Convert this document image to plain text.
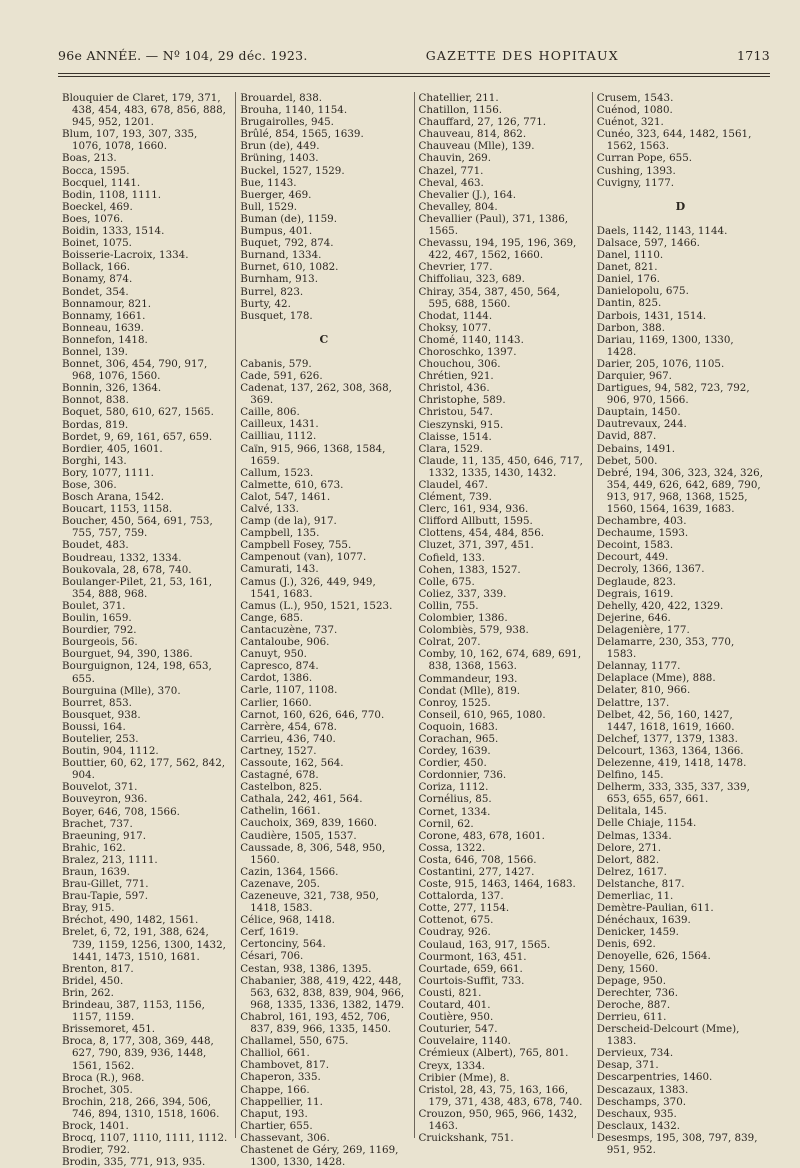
96e ANNÉE. — Nº 104, 29 déc. 1923.	GAZETTE DES HOPITAUX	1713
Blouquier de Claret, 179, 371, 438, 454, 483, 678, 856, 888, 945, 952, 1201.
Blum, 107, 193, 307, 335, 1076, 1078, 1660.
Boas, 213.
Bocca, 1595.
Bocquel, 1141.
Bodin, 1108, 1111.
Boeckel, 469.
Boes, 1076.
Boidin, 1333, 1514.
Boinet, 1075.
Boisserie-Lacroix, 1334.
Bollack, 166.
Bonamy, 874.
Bondet, 354.
Bonnamour, 821.
Bonnamy, 1661.
Bonneau, 1639.
Bonnefon, 1418.
Bonnel, 139.
Bonnet, 306, 454, 790, 917, 968, 1076, 1560.
Bonnin, 326, 1364.
Bonnot, 838.
Boquet, 580, 610, 627, 1565.
Bordas, 819.
Bordet, 9, 69, 161, 657, 659.
Bordier, 405, 1601.
Borghi, 143.
Bory, 1077, 1111.
Bose, 306.
Bosch Arana, 1542.
Boucart, 1153, 1158.
Boucher, 450, 564, 691, 753, 755, 757, 759.
Boudet, 483.
Boudreau, 1332, 1334.
Boukovala, 28, 678, 740.
Boulanger-Pilet, 21, 53, 161, 354, 888, 968.
Boulet, 371.
Boulin, 1659.
Bourdier, 792.
Bourgeois, 56.
Bourguet, 94, 390, 1386.
Bourguignon, 124, 198, 653, 655.
Bourguina (Mlle), 370.
Bourret, 853.
Bousquet, 938.
Boussi, 164.
Boutelier, 253.
Boutin, 904, 1112.
Bouttier, 60, 62, 177, 562, 842, 904.
Bouvelot, 371.
Bouveyron, 936.
Boyer, 646, 708, 1566.
Brachet, 737.
Braeuning, 917.
Brahic, 162.
Bralez, 213, 1111.
Braun, 1639.
Brau-Gillet, 771.
Brau-Tapie, 597.
Bray, 915.
Bréchot, 490, 1482, 1561.
Brelet, 6, 72, 191, 388, 624, 739, 1159, 1256, 1300, 1432, 1441, 1473, 1510, 1681.
Brenton, 817.
Bridel, 450.
Brin, 262.
Brindeau, 387, 1153, 1156, 1157, 1159.
Brissemoret, 451.
Broca, 8, 177, 308, 369, 448, 627, 790, 839, 936, 1448, 1561, 1562.
Broca (R.), 968.
Brochet, 305.
Brochin, 218, 266, 394, 506, 746, 894, 1310, 1518, 1606.
Brock, 1401.
Brocq, 1107, 1110, 1111, 1112.
Brodier, 792.
Brodin, 335, 771, 913, 935.
Brouardel, 838.
Brouha, 1140, 1154.
Brugairolles, 945.
Brûlé, 854, 1565, 1639.
Brun (de), 449.
Brüning, 1403.
Buckel, 1527, 1529.
Bue, 1143.
Buerger, 469.
Bull, 1529.
Buman (de), 1159.
Bumpus, 401.
Buquet, 792, 874.
Burnand, 1334.
Burnet, 610, 1082.
Burnham, 913.
Burrel, 823.
Burty, 42.
Busquet, 178.
C
Cabanis, 579.
Cade, 591, 626.
Cadenat, 137, 262, 308, 368, 369.
Caille, 806.
Cailleux, 1431.
Cailliau, 1112.
Caïn, 915, 966, 1368, 1584, 1659.
Callum, 1523.
Calmette, 610, 673.
Calot, 547, 1461.
Calvé, 133.
Camp (de la), 917.
Campbell, 135.
Campbell Fosey, 755.
Campenout (van), 1077.
Camurati, 143.
Camus (J.), 326, 449, 949, 1541, 1683.
Camus (L.), 950, 1521, 1523.
Cange, 685.
Cantacuzène, 737.
Cantaloube, 906.
Canuyt, 950.
Capresco, 874.
Cardot, 1386.
Carle, 1107, 1108.
Carlier, 1660.
Carnot, 160, 626, 646, 770.
Carrère, 454, 678.
Carrieu, 436, 740.
Cartney, 1527.
Cassoute, 162, 564.
Castagné, 678.
Castelbon, 825.
Cathala, 242, 461, 564.
Cathelin, 1661.
Cauchoix, 369, 839, 1660.
Caudière, 1505, 1537.
Caussade, 8, 306, 548, 950, 1560.
Cazin, 1364, 1566.
Cazenave, 205.
Cazeneuve, 321, 738, 950, 1418, 1583.
Célice, 968, 1418.
Cerf, 1619.
Certonciny, 564.
Césari, 706.
Cestan, 938, 1386, 1395.
Chabanier, 388, 419, 422, 448, 563, 632, 838, 839, 904, 966, 968, 1335, 1336, 1382, 1479.
Chabrol, 161, 193, 452, 706, 837, 839, 966, 1335, 1450.
Challamel, 550, 675.
Challiol, 661.
Chambovet, 817.
Chaperon, 335.
Chappe, 166.
Chappellier, 11.
Chaput, 193.
Chartier, 655.
Chassevant, 306.
Chastenet de Géry, 269, 1169, 1300, 1330, 1428.
Chatellier, 211.
Chatillon, 1156.
Chauffard, 27, 126, 771.
Chauveau, 814, 862.
Chauveau (Mlle), 139.
Chauvin, 269.
Chazel, 771.
Cheval, 463.
Chevalier (J.), 164.
Chevalley, 804.
Chevallier (Paul), 371, 1386, 1565.
Chevassu, 194, 195, 196, 369, 422, 467, 1562, 1660.
Chevrier, 177.
Chiffoliau, 323, 689.
Chiray, 354, 387, 450, 564, 595, 688, 1560.
Chodat, 1144.
Choksy, 1077.
Chomé, 1140, 1143.
Choroschko, 1397.
Chouchou, 306.
Chrétien, 921.
Christol, 436.
Christophe, 589.
Christou, 547.
Cieszynski, 915.
Claisse, 1514.
Clara, 1529.
Claude, 11, 135, 450, 646, 717, 1332, 1335, 1430, 1432.
Claudel, 467.
Clément, 739.
Clerc, 161, 934, 936.
Clifford Allbutt, 1595.
Clottens, 454, 484, 856.
Cluzet, 371, 397, 451.
Cofield, 133.
Cohen, 1383, 1527.
Colle, 675.
Coliez, 337, 339.
Collin, 755.
Colombier, 1386.
Colombiès, 579, 938.
Colrat, 207.
Comby, 10, 162, 674, 689, 691, 838, 1368, 1563.
Commandeur, 193.
Condat (Mlle), 819.
Conroy, 1525.
Conseil, 610, 965, 1080.
Coquoin, 1683.
Corachan, 965.
Cordey, 1639.
Cordier, 450.
Cordonnier, 736.
Coriza, 1112.
Cornélius, 85.
Cornet, 1334.
Cornil, 62.
Corone, 483, 678, 1601.
Cossa, 1322.
Costa, 646, 708, 1566.
Costantini, 277, 1427.
Coste, 915, 1463, 1464, 1683.
Cottalorda, 137.
Cotte, 277, 1154.
Cottenot, 675.
Coudray, 926.
Coulaud, 163, 917, 1565.
Courmont, 163, 451.
Courtade, 659, 661.
Courtois-Suffit, 733.
Cousti, 821.
Coutard, 401.
Coutière, 950.
Couturier, 547.
Couvelaire, 1140.
Crémieux (Albert), 765, 801.
Creyx, 1334.
Cribier (Mme), 8.
Cristol, 28, 43, 75, 163, 166, 179, 371, 438, 483, 678, 740.
Crouzon, 950, 965, 966, 1432, 1463.
Cruickshank, 751.
Crusem, 1543.
Cuénod, 1080.
Cuénot, 321.
Cunéo, 323, 644, 1482, 1561, 1562, 1563.
Curran Pope, 655.
Cushing, 1393.
Cuvigny, 1177.
D
Daels, 1142, 1143, 1144.
Dalsace, 597, 1466.
Danel, 1110.
Danet, 821.
Daniel, 176.
Danielopolu, 675.
Dantin, 825.
Darbois, 1431, 1514.
Darbon, 388.
Dariau, 1169, 1300, 1330, 1428.
Darier, 205, 1076, 1105.
Darquier, 967.
Dartigues, 94, 582, 723, 792, 906, 970, 1566.
Dauptain, 1450.
Dautrevaux, 244.
David, 887.
Debains, 1491.
Debet, 500.
Debré, 194, 306, 323, 324, 326, 354, 449, 626, 642, 689, 790, 913, 917, 968, 1368, 1525, 1560, 1564, 1639, 1683.
Dechambre, 403.
Dechaume, 1593.
Decoint, 1583.
Decourt, 449.
Decroly, 1366, 1367.
Deglaude, 823.
Degrais, 1619.
Dehelly, 420, 422, 1329.
Dejerine, 646.
Delagenière, 177.
Delamarre, 230, 353, 770, 1583.
Delannay, 1177.
Delaplace (Mme), 888.
Delater, 810, 966.
Delattre, 137.
Delbet, 42, 56, 160, 1427, 1447, 1618, 1619, 1660.
Delchef, 1377, 1379, 1383.
Delcourt, 1363, 1364, 1366.
Delezenne, 419, 1418, 1478.
Delfino, 145.
Delherm, 333, 335, 337, 339, 653, 655, 657, 661.
Delitala, 145.
Delle Chiaje, 1154.
Delmas, 1334.
Delore, 271.
Delort, 882.
Delrez, 1617.
Delstanche, 817.
Demerliac, 11.
Demètre-Paulian, 611.
Dénéchaux, 1639.
Denicker, 1459.
Denis, 692.
Denoyelle, 626, 1564.
Deny, 1560.
Depage, 950.
Derechter, 736.
Deroche, 887.
Derrieu, 611.
Derscheid-Delcourt (Mme), 1383.
Dervieux, 734.
Desap, 371.
Descarpentries, 1460.
Descazaux, 1383.
Deschamps, 370.
Deschaux, 935.
Desclaux, 1432.
Desesmps, 195, 308, 797, 839, 951, 952.
